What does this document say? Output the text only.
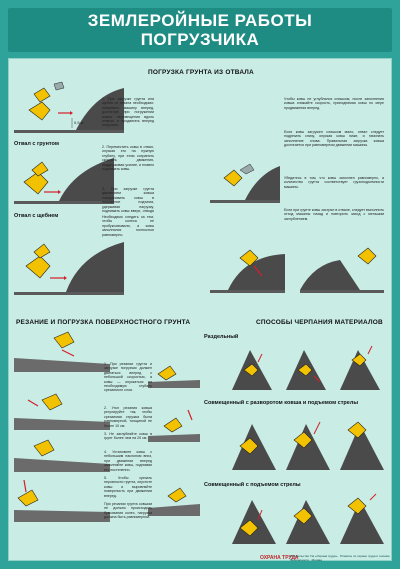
ЗЕМЛЕРОЙНЫЕ РАБОТЫ
ПОГРУЗЧИКА
ПОГРУЗКА ГРУНТА ИЗ ОТВАЛА
0,5 м
1. При загрузке грунта или щебня из отвала необходимо: направить машину вперед, достигнув при погружении ковша перемещения вдоль отвала, и продвигать вперед погрузчик.
Отвал с грунтом	2. Переместить ковш в отвал, опуская его на нужную глубину, при этом сохранять скорость движения, поддерживая усилие, и плавно поднимать ковш.
3. При загрузке грунта движением ковша поворачивать ковш в положение подъема, удерживая нагрузку, поднимать ковш вверх, отводя
Отвал с щебнем	Необходимо следить за тем, чтобы колеса не пробуксовывали, а ковш заполнялся полностью равномерно.
Чтобы ковш не углублялся слишком, после заполнения ковша снижайте скорость, приподнимая ковш по мере продвижения вперед.
Если ковш загружен слишком мало, отвал следует подрезать снизу, опуская ковш ниже, и начинать заполнение снова. Правильная загрузка ковша достигается при равномерном движении машины.
Убедитесь в том, что ковш заполнен равномерно, а количество грунта соответствует грузоподъемности машины.
Если при грунте ковш застрял в отвале, следует выполнить отход машины назад и повторить заход с меньшим заглублением.
РЕЗАНИЕ И ПОГРУЗКА ПОВЕРХНОСТНОГО ГРУНТА
1. При резании грунта и загрузке погрузчик должен двигаться вперед с небольшой скоростью, а ковш — опускаться на необходимую глубину срезаемого слоя.
2. Угол резания ковша регулируйте так, чтобы срезаемая стружка была равномерной, толщиной не более 10 см.
3. Не заглубляйте ковш в грунт более чем на 20 см.
4. Установите ковш с небольшим наклоном вниз, при движении вперед заполняйте ковш, поднимая его постепенно.
5. Чтобы срезать неровности грунта, опустите ковш и выровняйте поверхность при движении вперед.
При резании грунта ковшом не должно происходить буксования колес, нагрузка должна быть равномерной.
СПОСОБЫ ЧЕРПАНИЯ МАТЕРИАЛОВ
Раздельный
Совмещенный с разворотом ковша и подъемом стрелы
Совмещенный с подъемом стрелы
ОХРАНА ТРУДА
Издательство УЦ «Охрана труда» · Плакаты по охране труда и технике безопасности · Москва
